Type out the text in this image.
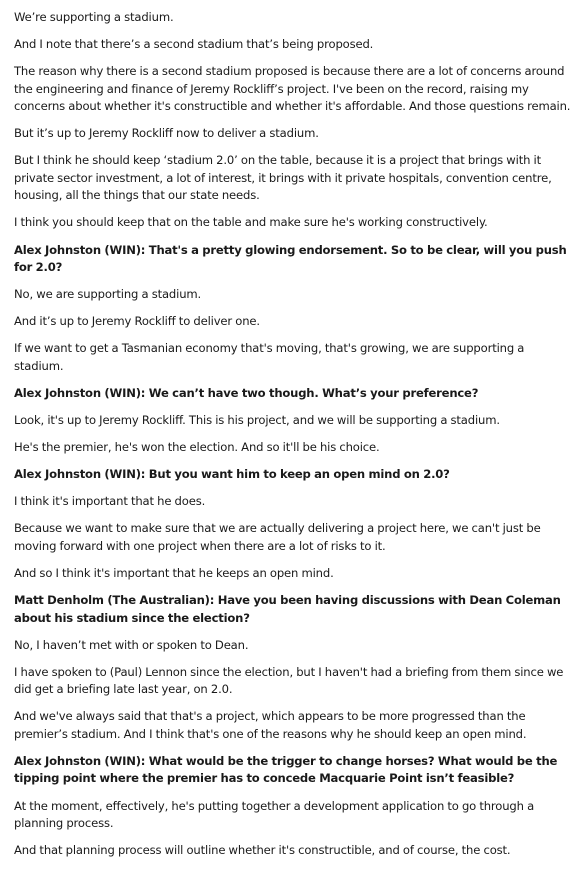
We’re supporting a stadium.

And I note that there’s a second stadium that’s being proposed.

The reason why there is a second stadium proposed is because there are a lot of concerns around the engineering and finance of Jeremy Rockliff’s project. I've been on the record, raising my concerns about whether it's constructible and whether it's affordable. And those questions remain.

But it’s up to Jeremy Rockliff now to deliver a stadium.

But I think he should keep ‘stadium 2.0’ on the table, because it is a project that brings with it private sector investment, a lot of interest, it brings with it private hospitals, convention centre, housing, all the things that our state needs.

I think you should keep that on the table and make sure he's working constructively.

Alex Johnston (WIN): That's a pretty glowing endorsement. So to be clear, will you push for 2.0?

No, we are supporting a stadium.

And it’s up to Jeremy Rockliff to deliver one.

If we want to get a Tasmanian economy that's moving, that's growing, we are supporting a stadium.

Alex Johnston (WIN): We can’t have two though. What’s your preference?

Look, it's up to Jeremy Rockliff. This is his project, and we will be supporting a stadium.

He's the premier, he's won the election. And so it'll be his choice.

Alex Johnston (WIN): But you want him to keep an open mind on 2.0?

I think it's important that he does.

Because we want to make sure that we are actually delivering a project here, we can't just be moving forward with one project when there are a lot of risks to it.

And so I think it's important that he keeps an open mind.

Matt Denholm (The Australian): Have you been having discussions with Dean Coleman about his stadium since the election?

No, I haven’t met with or spoken to Dean.

I have spoken to (Paul) Lennon since the election, but I haven't had a briefing from them since we did get a briefing late last year, on 2.0.

And we've always said that that's a project, which appears to be more progressed than the premier’s stadium. And I think that's one of the reasons why he should keep an open mind.

Alex Johnston (WIN): What would be the trigger to change horses? What would be the tipping point where the premier has to concede Macquarie Point isn’t feasible?

At the moment, effectively, he's putting together a development application to go through a planning process.

And that planning process will outline whether it's constructible, and of course, the cost.
